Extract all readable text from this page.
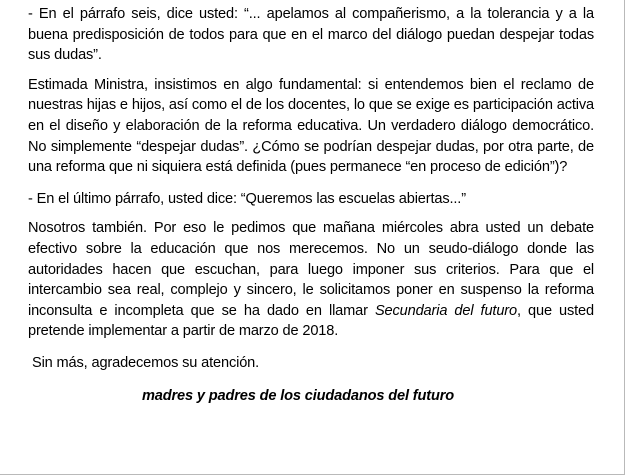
- En el párrafo seis, dice usted: “... apelamos al compañerismo, a la tolerancia y a la buena predisposición de todos para que en el marco del diálogo puedan despejar todas sus dudas”.

Estimada Ministra, insistimos en algo fundamental: si entendemos bien el reclamo de nuestras hijas e hijos, así como el de los docentes, lo que se exige es participación activa en el diseño y elaboración de la reforma educativa. Un verdadero diálogo democrático. No simplemente “despejar dudas”. ¿Cómo se podrían despejar dudas, por otra parte, de una reforma que ni siquiera está definida (pues permanece “en proceso de edición”)?

- En el último párrafo, usted dice: “Queremos las escuelas abiertas...”

Nosotros también. Por eso le pedimos que mañana miércoles abra usted un debate efectivo sobre la educación que nos merecemos. No un seudo-diálogo donde las autoridades hacen que escuchan, para luego imponer sus criterios. Para que el intercambio sea real, complejo y sincero, le solicitamos poner en suspenso la reforma inconsulta e incompleta que se ha dado en llamar Secundaria del futuro, que usted pretende implementar a partir de marzo de 2018.

Sin más, agradecemos su atención.

madres y padres de los ciudadanos del futuro
